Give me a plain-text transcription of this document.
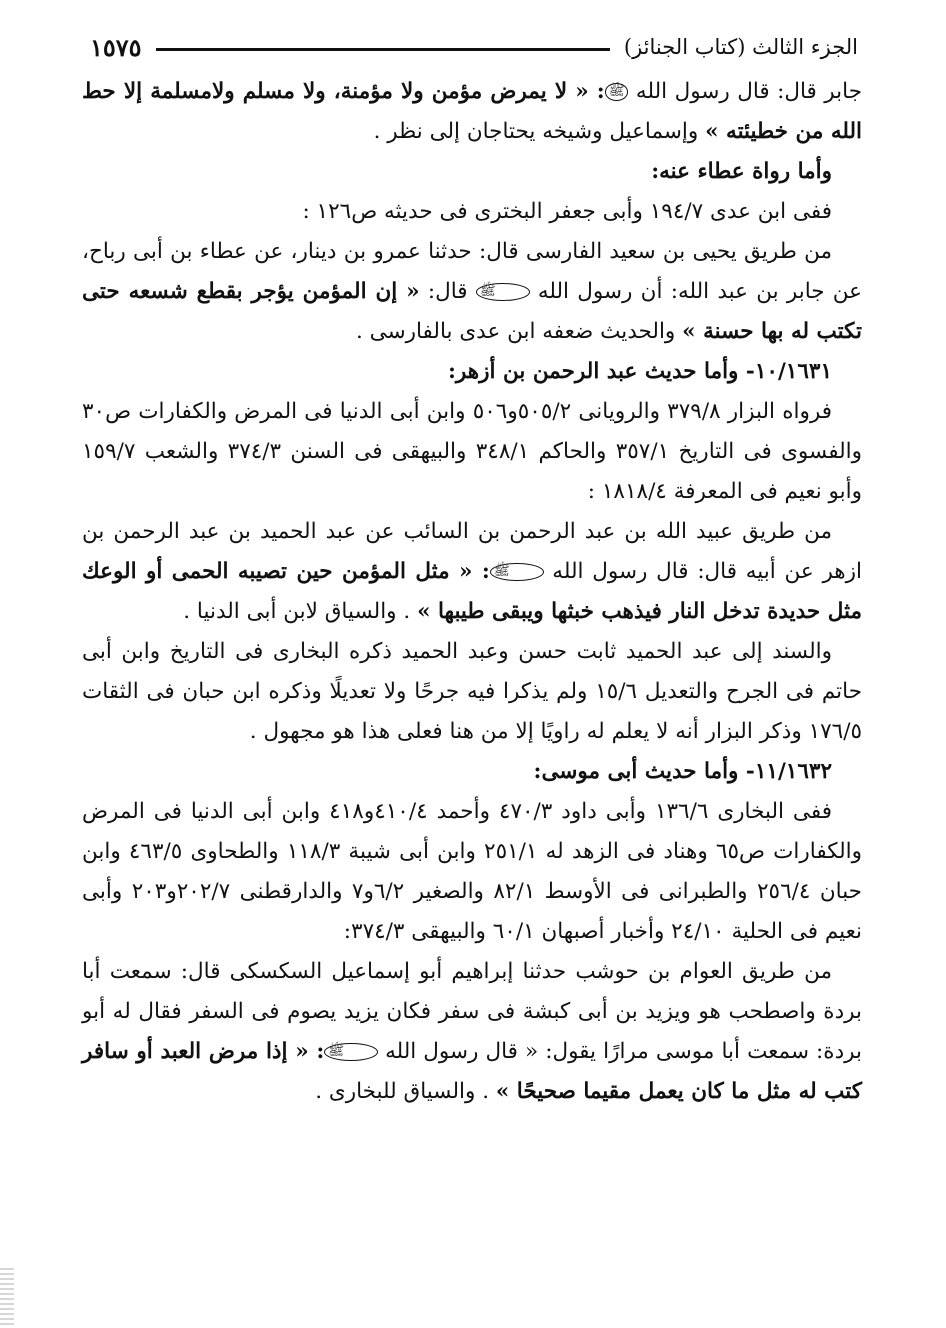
الجزء الثالث (كتاب الجنائز)
١٥٧٥

جابر قال: قال رسول الله ﷺ: « لا يمرض مؤمن ولا مؤمنة، ولا مسلم ولامسلمة إلا حط الله من خطيئته » وإسماعيل وشيخه يحتاجان إلى نظر .

وأما رواة عطاء عنه:

ففى ابن عدى ١٩٤/٧ وأبى جعفر البخترى فى حديثه ص١٢٦ :

من طريق يحيى بن سعيد الفارسى قال: حدثنا عمرو بن دينار، عن عطاء بن أبى رباح، عن جابر بن عبد الله: أن رسول الله ﷺ قال: « إن المؤمن يؤجر بقطع شسعه حتى تكتب له بها حسنة » والحديث ضعفه ابن عدى بالفارسى .

١٠/١٦٣١- وأما حديث عبد الرحمن بن أزهر:

فرواه البزار ٣٧٩/٨ والرويانى ٥٠٥/٢و٥٠٦ وابن أبى الدنيا فى المرض والكفارات ص٣٠ والفسوى فى التاريخ ٣٥٧/١ والحاكم ٣٤٨/١ والبيهقى فى السنن ٣٧٤/٣ والشعب ١٥٩/٧ وأبو نعيم فى المعرفة ١٨١٨/٤ :

من طريق عبيد الله بن عبد الرحمن بن السائب عن عبد الحميد بن عبد الرحمن بن ازهر عن أبيه قال: قال رسول الله ﷺ: « مثل المؤمن حين تصيبه الحمى أو الوعك مثل حديدة تدخل النار فيذهب خبثها ويبقى طيبها » . والسياق لابن أبى الدنيا .

والسند إلى عبد الحميد ثابت حسن وعبد الحميد ذكره البخارى فى التاريخ وابن أبى حاتم فى الجرح والتعديل ١٥/٦ ولم يذكرا فيه جرحًا ولا تعديلًا وذكره ابن حبان فى الثقات ١٧٦/٥ وذكر البزار أنه لا يعلم له راويًا إلا من هنا فعلى هذا هو مجهول .

١١/١٦٣٢- وأما حديث أبى موسى:

ففى البخارى ١٣٦/٦ وأبى داود ٤٧٠/٣ وأحمد ٤١٠/٤و٤١٨ وابن أبى الدنيا فى المرض والكفارات ص٦٥ وهناد فى الزهد له ٢٥١/١ وابن أبى شيبة ١١٨/٣ والطحاوى ٤٦٣/٥ وابن حبان ٢٥٦/٤ والطبرانى فى الأوسط ٨٢/١ والصغير ٦/٢و٧ والدارقطنى ٢٠٢/٧و٢٠٣ وأبى نعيم فى الحلية ٢٤/١٠ وأخبار أصبهان ٦٠/١ والبيهقى ٣٧٤/٣:

من طريق العوام بن حوشب حدثنا إبراهيم أبو إسماعيل السكسكى قال: سمعت أبا بردة واصطحب هو ويزيد بن أبى كبشة فى سفر فكان يزيد يصوم فى السفر فقال له أبو بردة: سمعت أبا موسى مرارًا يقول: « قال رسول الله ﷺ: « إذا مرض العبد أو سافر كتب له مثل ما كان يعمل مقيما صحيحًا » . والسياق للبخارى .
